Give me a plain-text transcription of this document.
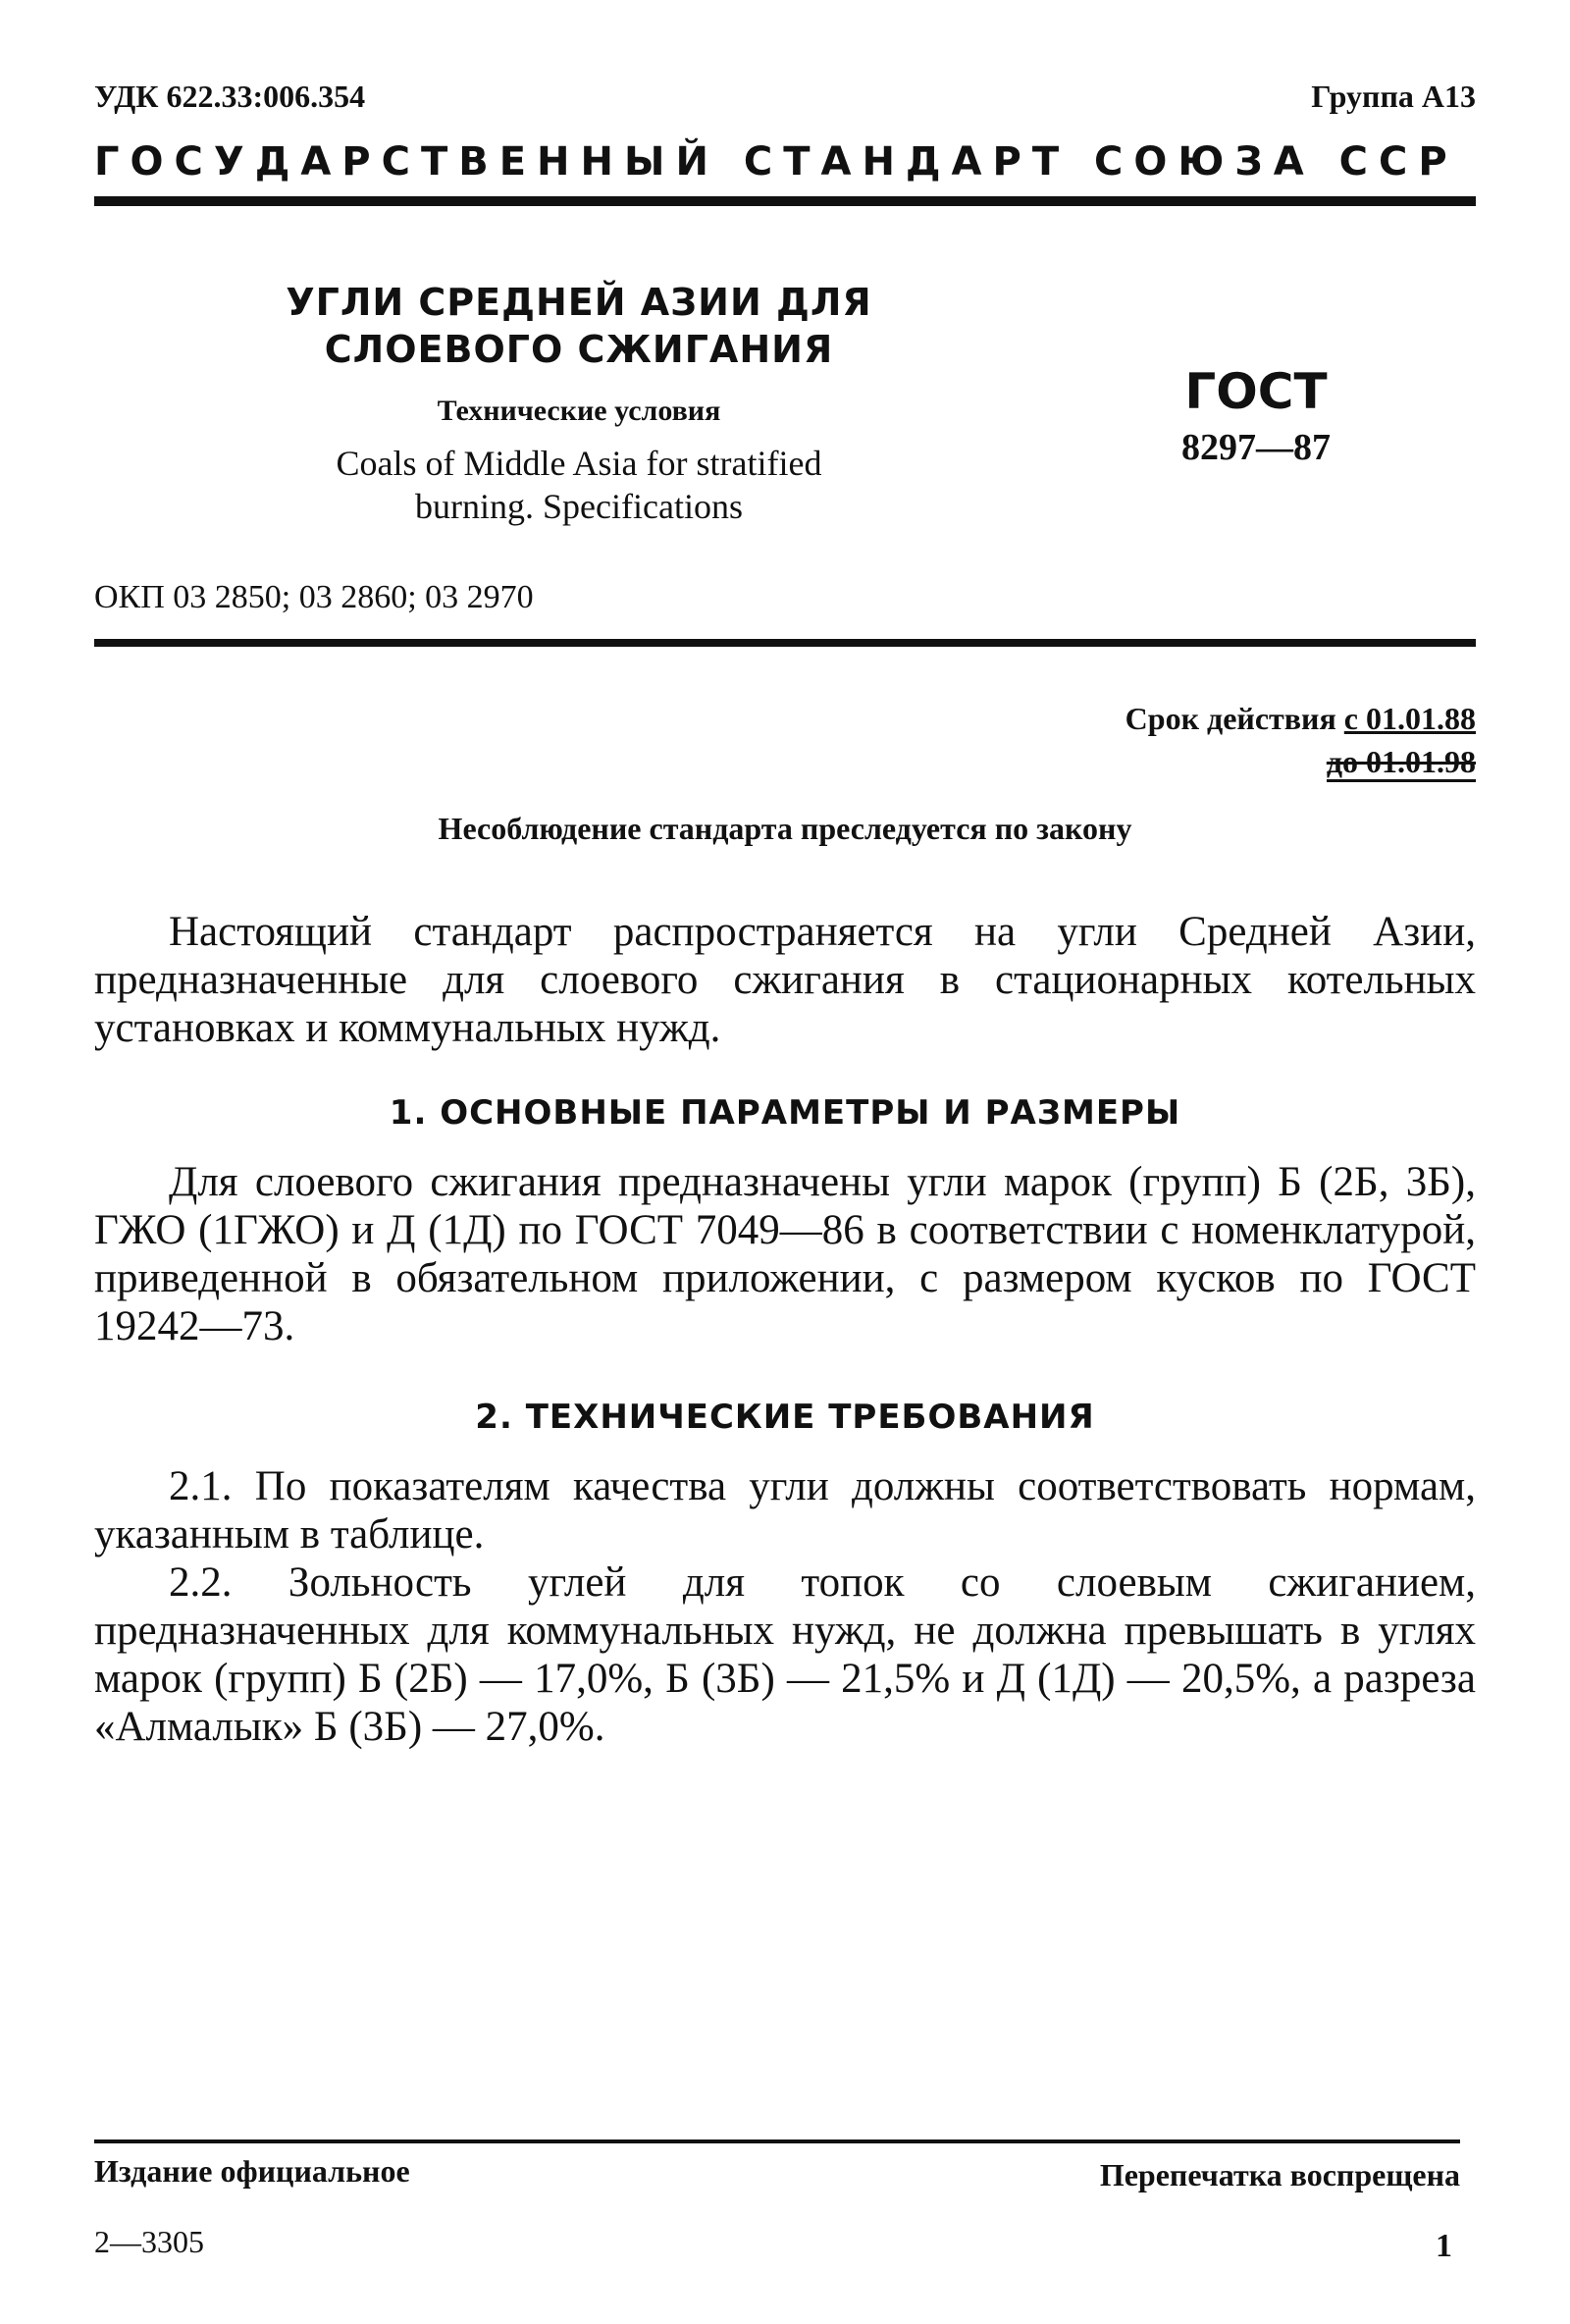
УДК 622.33:006.354	Группа А13
ГОСУДАРСТВЕННЫЙ СТАНДАРТ СОЮЗА ССР
УГЛИ СРЕДНЕЙ АЗИИ ДЛЯ
СЛОЕВОГО СЖИГАНИЯ
Технические условия
Coals of Middle Asia for stratified
burning. Specifications
ГОСТ
8297—87
ОКП 03 2850; 03 2860; 03 2970
Срок действия с 01.01.88
до 01.01.98
Несоблюдение стандарта преследуется по закону
Настоящий стандарт распространяется на угли Средней Азии, предназначенные для слоевого сжигания в стационарных котельных установках и коммунальных нужд.
1. ОСНОВНЫЕ ПАРАМЕТРЫ И РАЗМЕРЫ
Для слоевого сжигания предназначены угли марок (групп) Б (2Б, 3Б), ГЖО (1ГЖО) и Д (1Д) по ГОСТ 7049—86 в соответствии с номенклатурой, приведенной в обязательном приложении, с размером кусков по ГОСТ 19242—73.
2. ТЕХНИЧЕСКИЕ ТРЕБОВАНИЯ
2.1. По показателям качества угли должны соответствовать нормам, указанным в таблице.
2.2. Зольность углей для топок со слоевым сжиганием, предназначенных для коммунальных нужд, не должна превышать в углях марок (групп) Б (2Б) — 17,0%, Б (3Б) — 21,5% и Д (1Д) — 20,5%, а разреза «Алмалык» Б (3Б) — 27,0%.
Издание официальное	Перепечатка воспрещена
2—3305	1
